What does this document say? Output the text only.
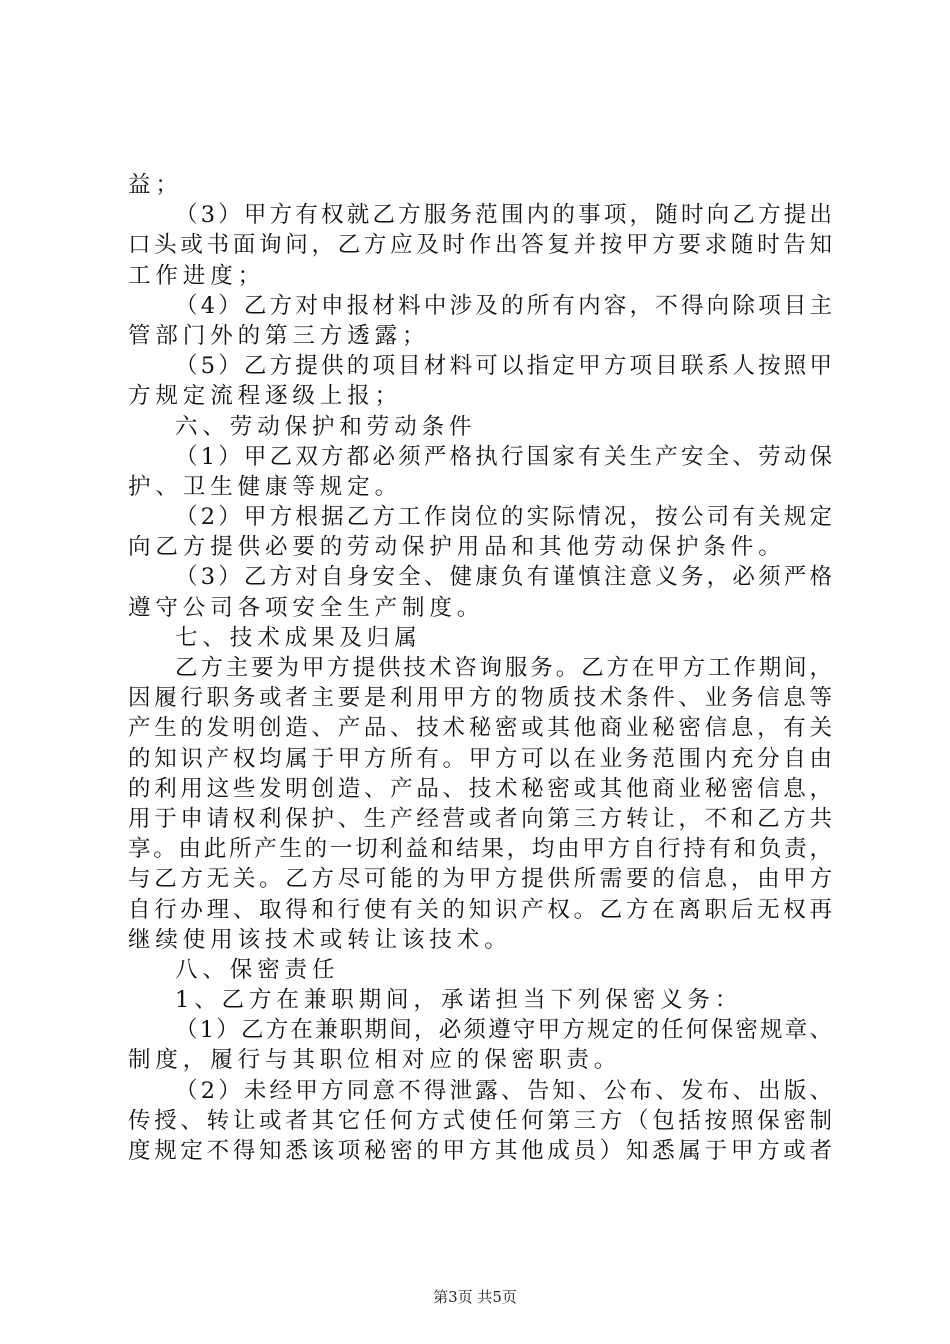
益；
（3）甲方有权就乙方服务范围内的事项，随时向乙方提出
口头或书面询问，乙方应及时作出答复并按甲方要求随时告知
工作进度；
（4）乙方对申报材料中涉及的所有内容，不得向除项目主
管部门外的第三方透露；
（5）乙方提供的项目材料可以指定甲方项目联系人按照甲
方规定流程逐级上报；
六、劳动保护和劳动条件
（1）甲乙双方都必须严格执行国家有关生产安全、劳动保
护、卫生健康等规定。
（2）甲方根据乙方工作岗位的实际情况，按公司有关规定
向乙方提供必要的劳动保护用品和其他劳动保护条件。
（3）乙方对自身安全、健康负有谨慎注意义务，必须严格
遵守公司各项安全生产制度。
七、技术成果及归属
乙方主要为甲方提供技术咨询服务。乙方在甲方工作期间，
因履行职务或者主要是利用甲方的物质技术条件、业务信息等
产生的发明创造、产品、技术秘密或其他商业秘密信息，有关
的知识产权均属于甲方所有。甲方可以在业务范围内充分自由
的利用这些发明创造、产品、技术秘密或其他商业秘密信息，
用于申请权利保护、生产经营或者向第三方转让，不和乙方共
享。由此所产生的一切利益和结果，均由甲方自行持有和负责，
与乙方无关。乙方尽可能的为甲方提供所需要的信息，由甲方
自行办理、取得和行使有关的知识产权。乙方在离职后无权再
继续使用该技术或转让该技术。
八、保密责任
1、乙方在兼职期间，承诺担当下列保密义务：
（1）乙方在兼职期间，必须遵守甲方规定的任何保密规章、
制度，履行与其职位相对应的保密职责。
（2）未经甲方同意不得泄露、告知、公布、发布、出版、
传授、转让或者其它任何方式使任何第三方（包括按照保密制
度规定不得知悉该项秘密的甲方其他成员）知悉属于甲方或者
第3页 共5页
